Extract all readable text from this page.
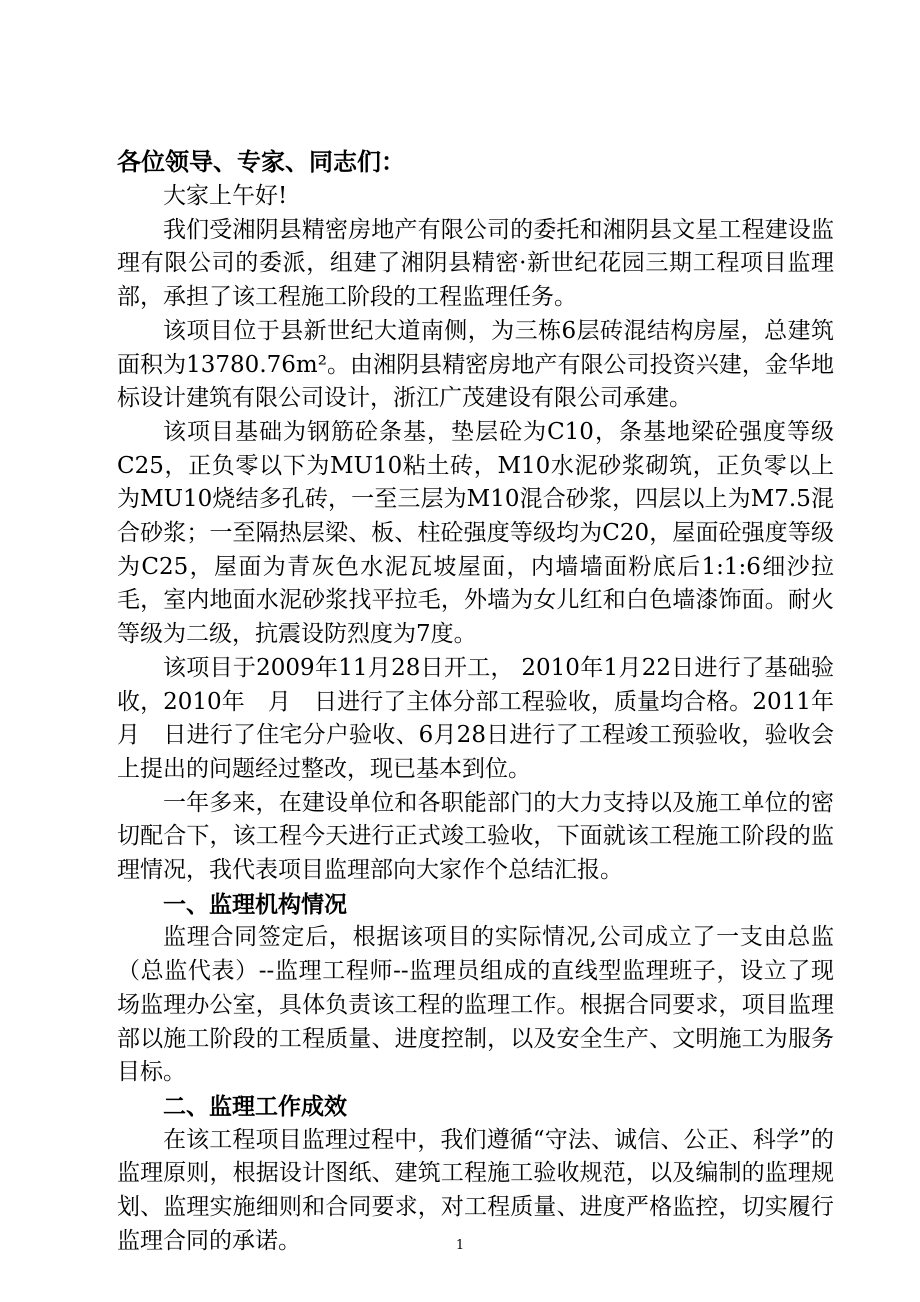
各位领导、专家、同志们：

大家上午好!

我们受湘阴县精密房地产有限公司的委托和湘阴县文星工程建设监理有限公司的委派，组建了湘阴县精密·新世纪花园三期工程项目监理部，承担了该工程施工阶段的工程监理任务。

该项目位于县新世纪大道南侧，为三栋6层砖混结构房屋，总建筑面积为13780.76m²。由湘阴县精密房地产有限公司投资兴建，金华地标设计建筑有限公司设计，浙江广茂建设有限公司承建。

该项目基础为钢筋砼条基，垫层砼为C10，条基地梁砼强度等级C25，正负零以下为MU10粘土砖，M10水泥砂浆砌筑，正负零以上为MU10烧结多孔砖，一至三层为M10混合砂浆，四层以上为M7.5混合砂浆；一至隔热层梁、板、柱砼强度等级均为C20，屋面砼强度等级为C25，屋面为青灰色水泥瓦坡屋面，内墙墙面粉底后1:1:6细沙拉毛，室内地面水泥砂浆找平拉毛，外墙为女儿红和白色墙漆饰面。耐火等级为二级，抗震设防烈度为7度。

该项目于2009年11月28日开工， 2010年1月22日进行了基础验收，2010年　月　日进行了主体分部工程验收，质量均合格。2011年　月　日进行了住宅分户验收、6月28日进行了工程竣工预验收，验收会上提出的问题经过整改，现已基本到位。

一年多来，在建设单位和各职能部门的大力支持以及施工单位的密切配合下，该工程今天进行正式竣工验收，下面就该工程施工阶段的监理情况，我代表项目监理部向大家作个总结汇报。

一、监理机构情况

监理合同签定后，根据该项目的实际情况,公司成立了一支由总监（总监代表）--监理工程师--监理员组成的直线型监理班子，设立了现场监理办公室，具体负责该工程的监理工作。根据合同要求，项目监理部以施工阶段的工程质量、进度控制，以及安全生产、文明施工为服务目标。

二、监理工作成效

在该工程项目监理过程中，我们遵循“守法、诚信、公正、科学”的监理原则，根据设计图纸、建筑工程施工验收规范，以及编制的监理规划、监理实施细则和合同要求，对工程质量、进度严格监控，切实履行监理合同的承诺。	1
